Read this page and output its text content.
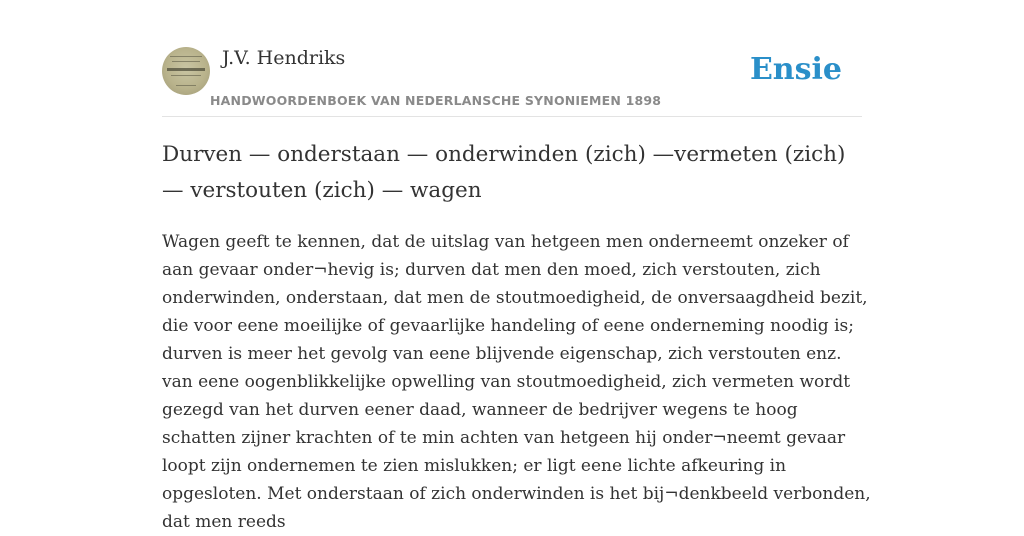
J.V. Hendriks
HANDWOORDENBOEK VAN NEDERLANSCHE SYNONIEMEN 1898
Ensie
Durven — onderstaan — onderwinden (zich) —vermeten (zich) — verstouten (zich) — wagen

Wagen geeft te kennen, dat de uitslag van hetgeen men onderneemt onzeker of aan gevaar onder¬hevig is; durven dat men den moed, zich verstouten, zich onderwinden, onderstaan, dat men de stoutmoedigheid, de onversaagdheid bezit, die voor eene moeilijke of gevaarlijke handeling of eene onderneming noodig is; durven is meer het gevolg van eene blijvende eigenschap, zich verstouten enz. van eene oogenblikkelijke opwelling van stoutmoedigheid, zich vermeten wordt gezegd van het durven eener daad, wanneer de bedrijver wegens te hoog schatten zijner krachten of te min achten van hetgeen hij onder¬neemt gevaar loopt zijn ondernemen te zien mislukken; er ligt eene lichte afkeuring in opgesloten. Met onderstaan of zich onderwinden is het bij¬denkbeeld verbonden, dat men reeds
